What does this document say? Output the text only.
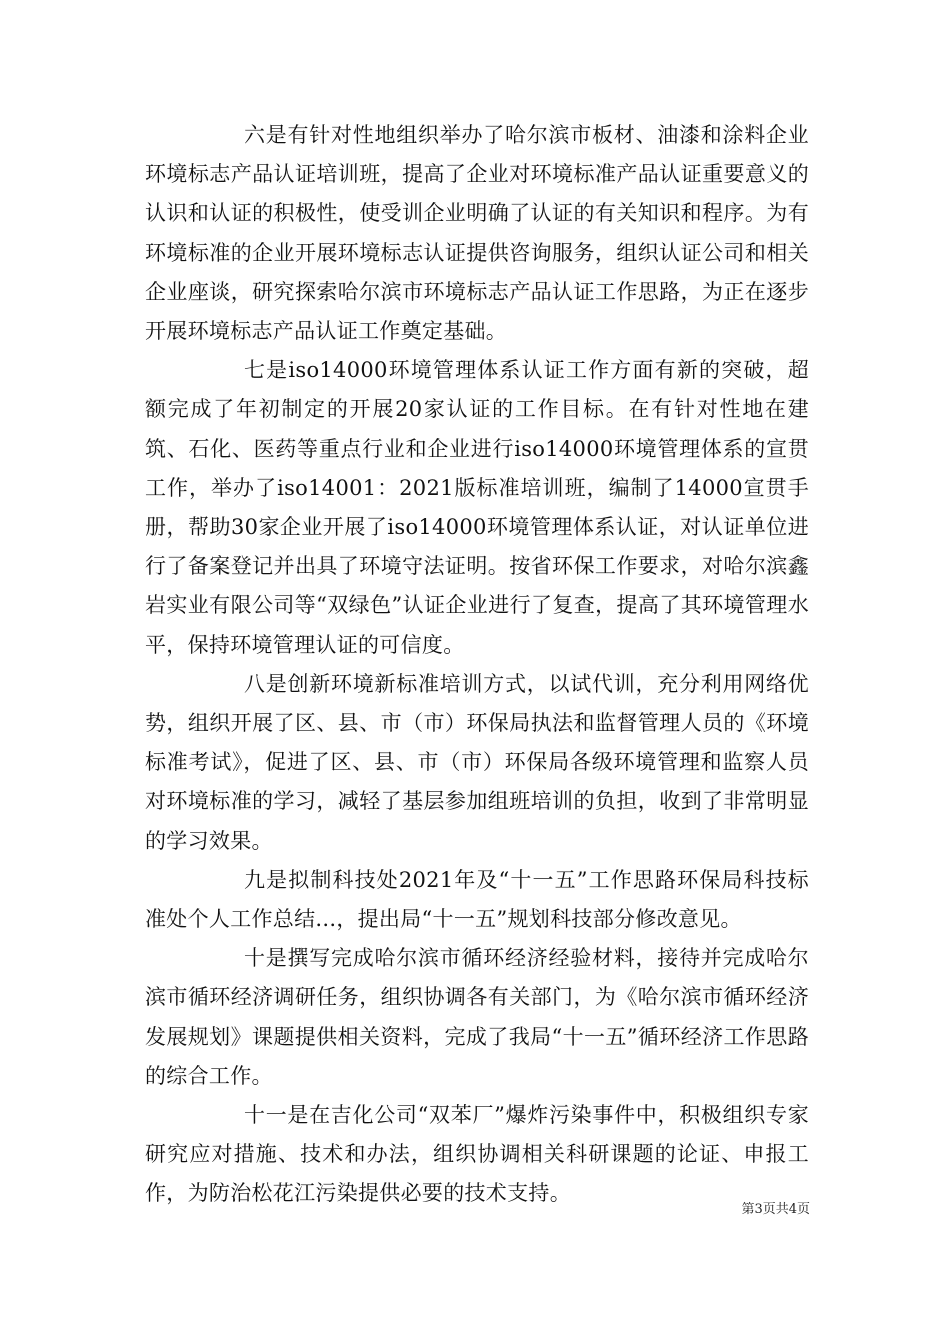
六是有针对性地组织举办了哈尔滨市板材、油漆和涂料企业环境标志产品认证培训班，提高了企业对环境标准产品认证重要意义的认识和认证的积极性，使受训企业明确了认证的有关知识和程序。为有环境标准的企业开展环境标志认证提供咨询服务，组织认证公司和相关企业座谈，研究探索哈尔滨市环境标志产品认证工作思路，为正在逐步开展环境标志产品认证工作奠定基础。

七是iso14000环境管理体系认证工作方面有新的突破，超额完成了年初制定的开展20家认证的工作目标。在有针对性地在建筑、石化、医药等重点行业和企业进行iso14000环境管理体系的宣贯工作，举办了iso14001：2021版标准培训班，编制了14000宣贯手册，帮助30家企业开展了iso14000环境管理体系认证，对认证单位进行了备案登记并出具了环境守法证明。按省环保工作要求，对哈尔滨鑫岩实业有限公司等“双绿色”认证企业进行了复查，提高了其环境管理水平，保持环境管理认证的可信度。

八是创新环境新标准培训方式，以试代训，充分利用网络优势，组织开展了区、县、市（市）环保局执法和监督管理人员的《环境标准考试》，促进了区、县、市（市）环保局各级环境管理和监察人员对环境标准的学习，减轻了基层参加组班培训的负担，收到了非常明显的学习效果。

九是拟制科技处2021年及“十一五”工作思路环保局科技标准处个人工作总结...，提出局“十一五”规划科技部分修改意见。

十是撰写完成哈尔滨市循环经济经验材料，接待并完成哈尔滨市循环经济调研任务，组织协调各有关部门，为《哈尔滨市循环经济发展规划》课题提供相关资料，完成了我局“十一五”循环经济工作思路的综合工作。

十一是在吉化公司“双苯厂”爆炸污染事件中，积极组织专家研究应对措施、技术和办法，组织协调相关科研课题的论证、申报工作，为防治松花江污染提供必要的技术支持。

第3页共4页
